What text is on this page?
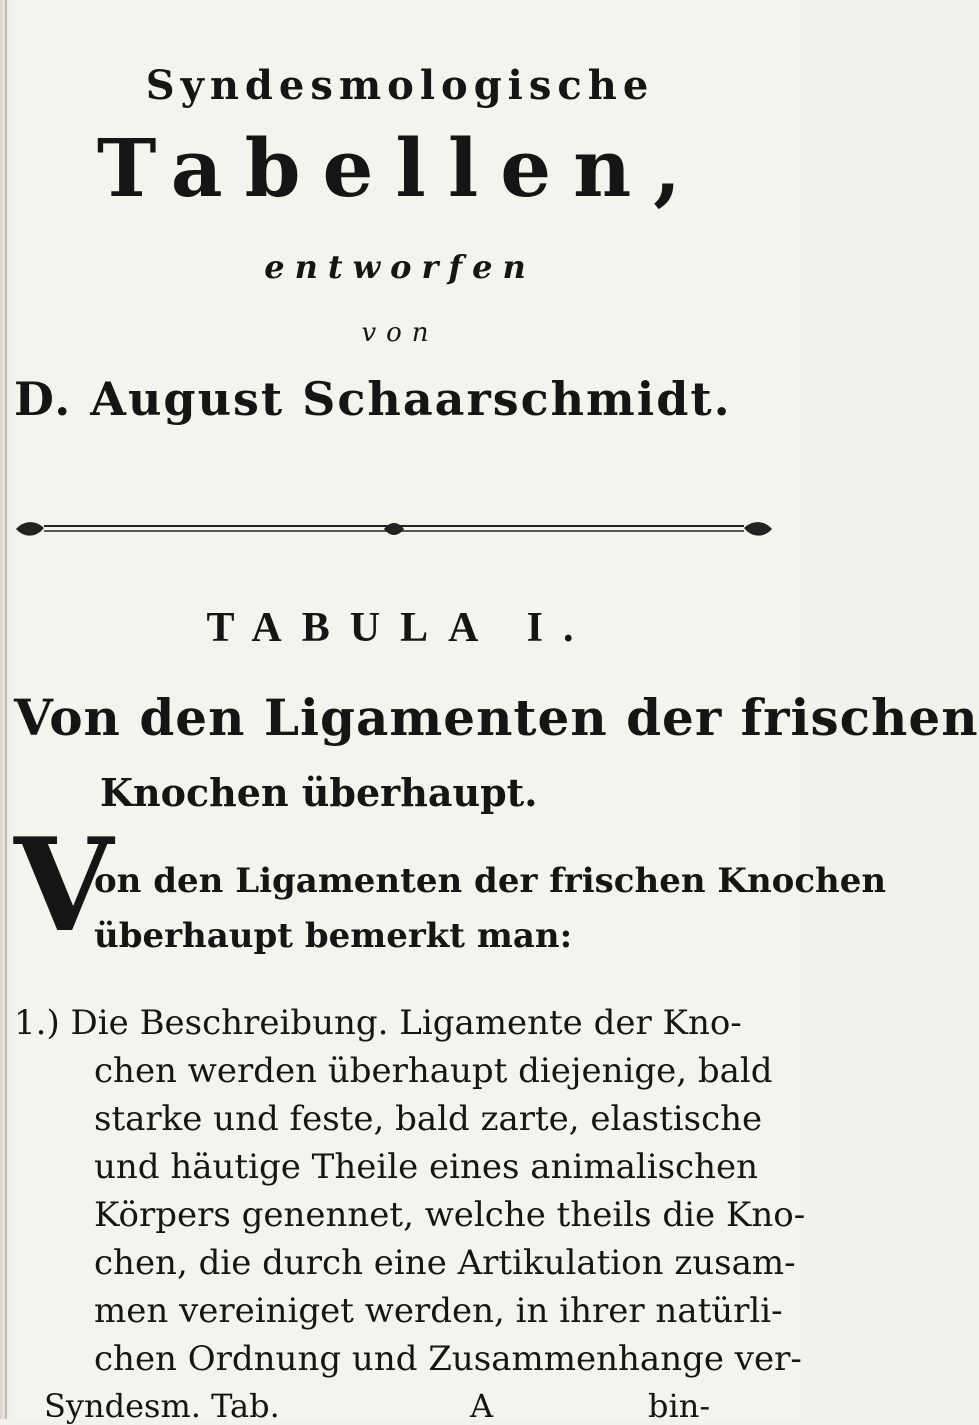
Syndesmologische
Tabellen,
entworfen
von
D. August Schaarschmidt.
TABULA I.
Von den Ligamenten der frischen
Knochen überhaupt.
V
on den Ligamenten der frischen Knochen
überhaupt bemerkt man:
1.) Die Beschreibung. Ligamente der Kno-
chen werden überhaupt diejenige, bald
starke und feste, bald zarte, elastische
und häutige Theile eines animalischen
Körpers genennet, welche theils die Kno-
chen, die durch eine Artikulation zusam-
men vereiniget werden, in ihrer natürli-
chen Ordnung und Zusammenhange ver-
Syndesm. Tab.	A	bin-
